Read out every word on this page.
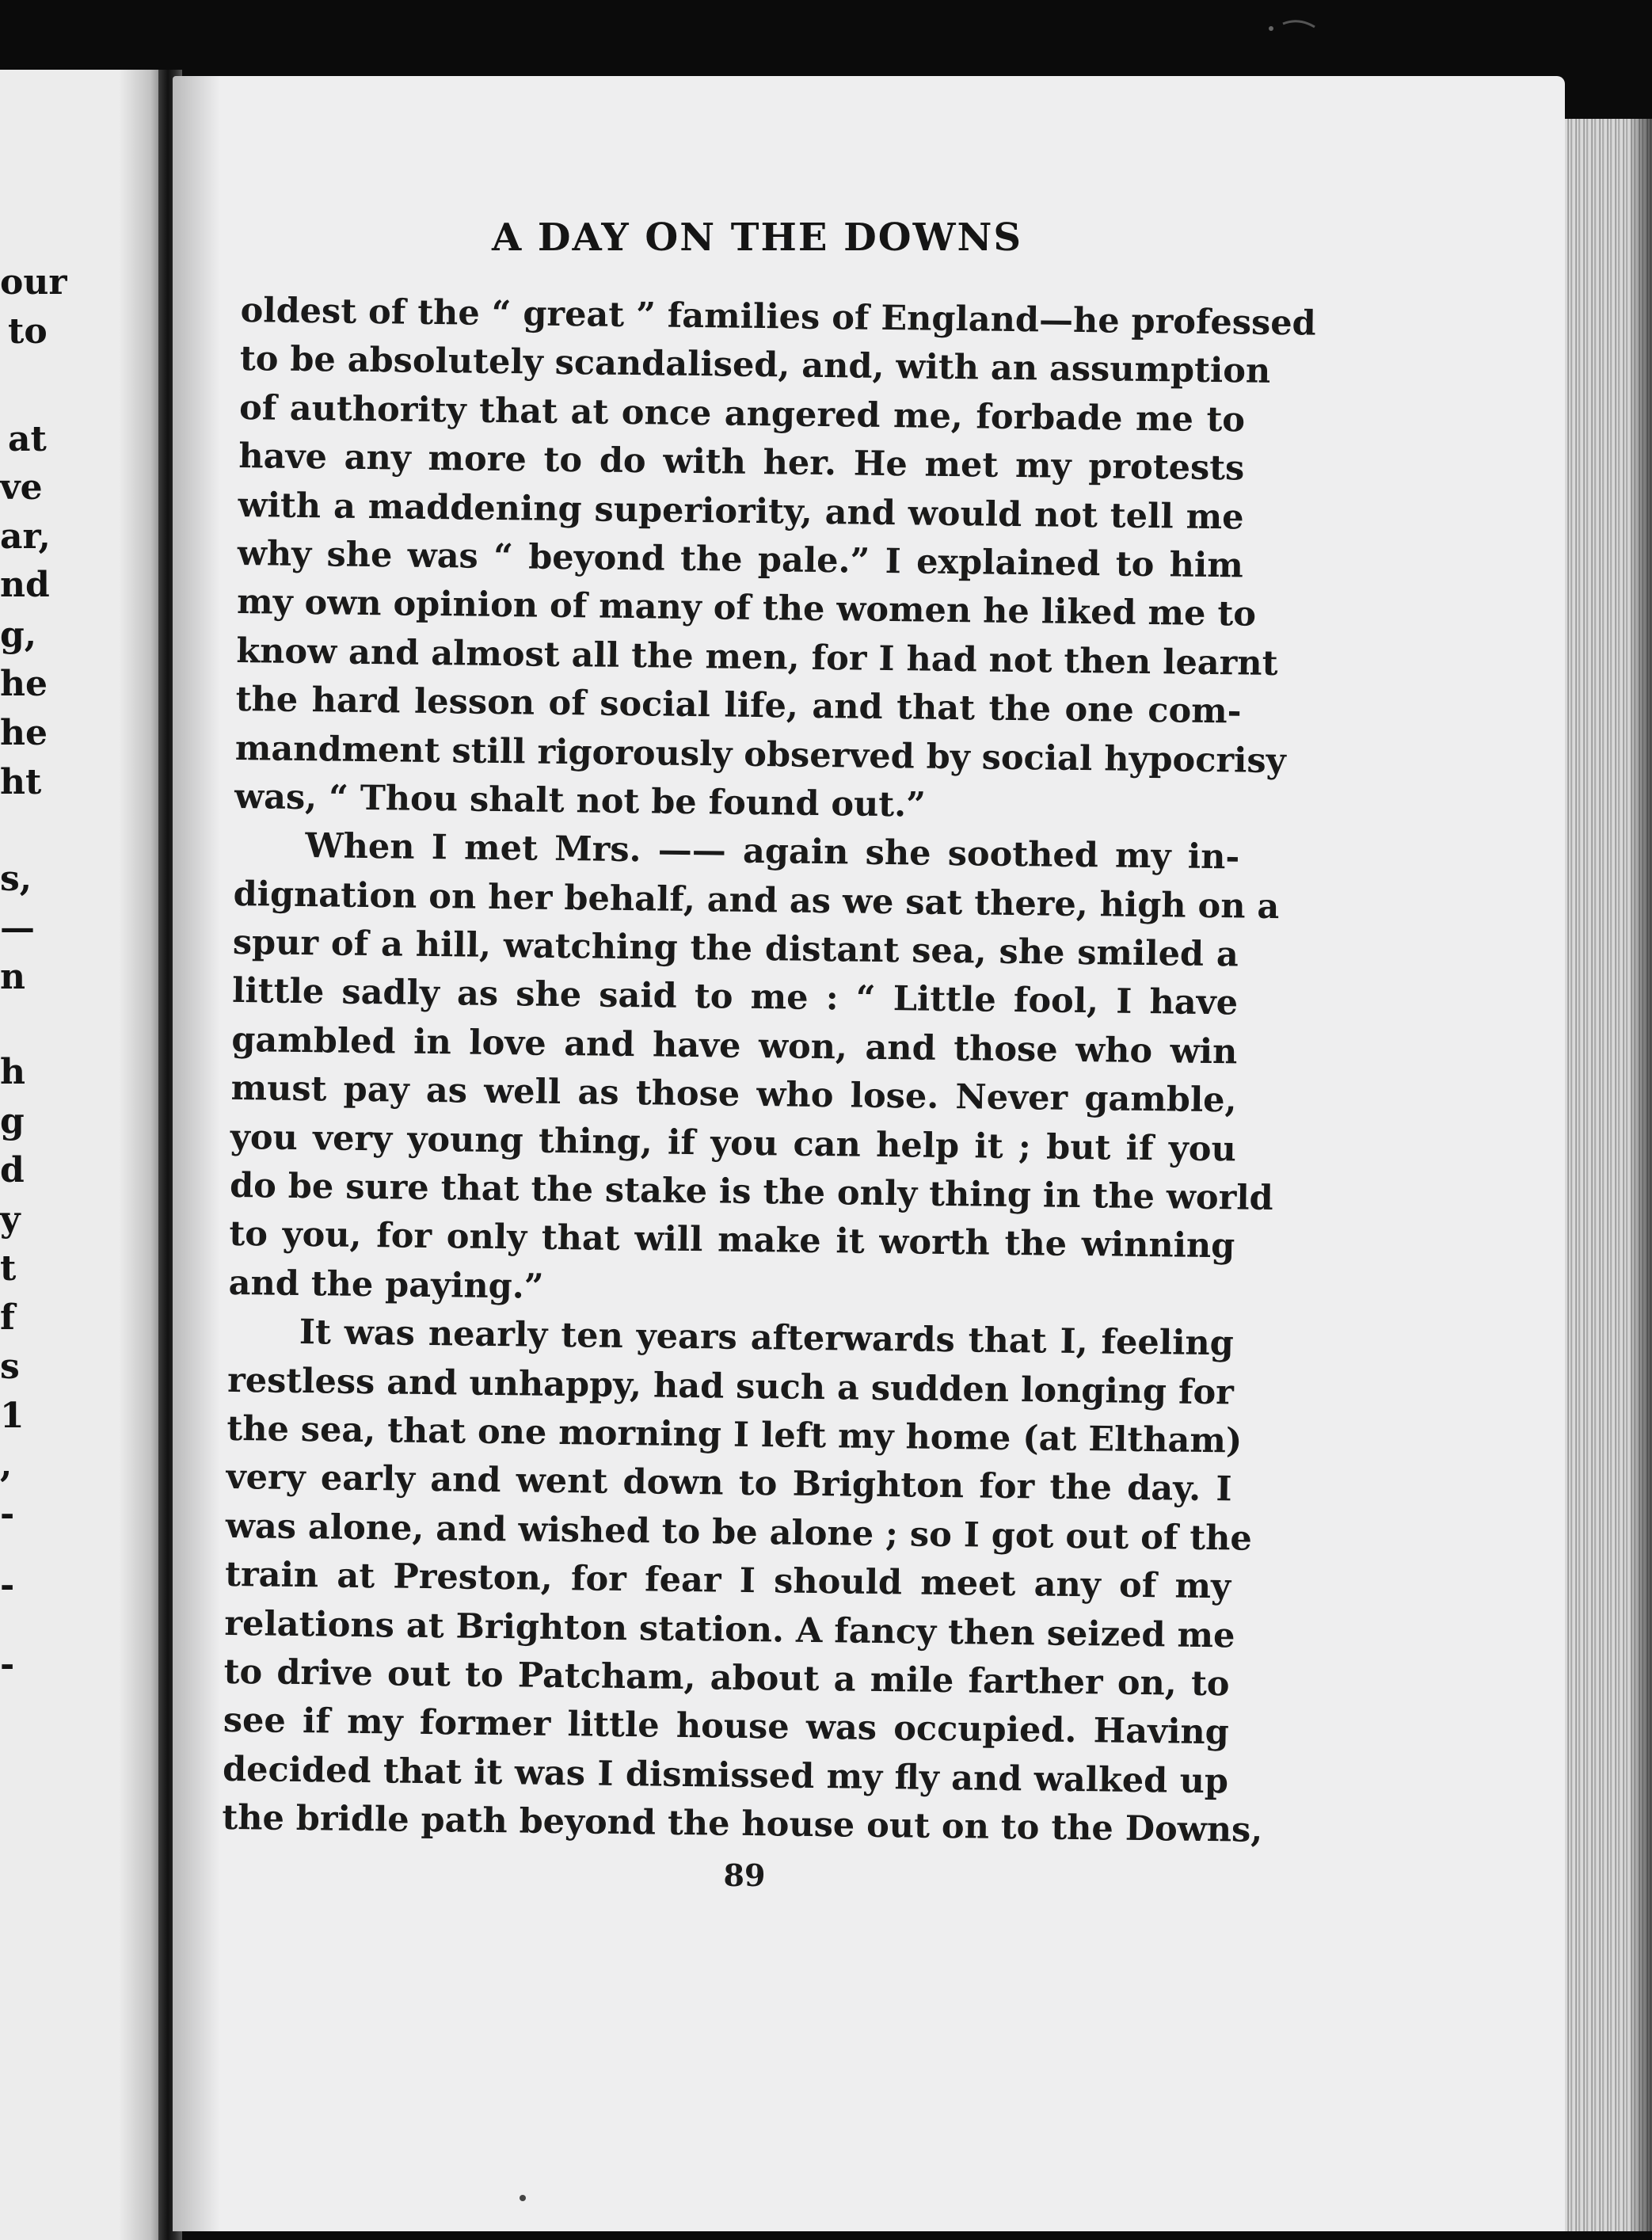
our
to
at
ve
ar,
nd
g,
he
he
ht
s,
—
n
h
g
d
y
t
f
s
1
,
-
-
-
A DAY ON THE DOWNS
oldest of the “ great ” families of England—he professed
to be absolutely scandalised, and, with an assumption
of authority that at once angered me, forbade me to
have any more to do with her. He met my protests
with a maddening superiority, and would not tell me
why she was “ beyond the pale.” I explained to him
my own opinion of many of the women he liked me to
know and almost all the men, for I had not then learnt
the hard lesson of social life, and that the one com-
mandment still rigorously observed by social hypocrisy
was, “ Thou shalt not be found out.”
When I met Mrs. —— again she soothed my in-
dignation on her behalf, and as we sat there, high on a
spur of a hill, watching the distant sea, she smiled a
little sadly as she said to me : “ Little fool, I have
gambled in love and have won, and those who win
must pay as well as those who lose. Never gamble,
you very young thing, if you can help it ; but if you
do be sure that the stake is the only thing in the world
to you, for only that will make it worth the winning
and the paying.”
It was nearly ten years afterwards that I, feeling
restless and unhappy, had such a sudden longing for
the sea, that one morning I left my home (at Eltham)
very early and went down to Brighton for the day. I
was alone, and wished to be alone ; so I got out of the
train at Preston, for fear I should meet any of my
relations at Brighton station. A fancy then seized me
to drive out to Patcham, about a mile farther on, to
see if my former little house was occupied. Having
decided that it was I dismissed my fly and walked up
the bridle path beyond the house out on to the Downs,
89
